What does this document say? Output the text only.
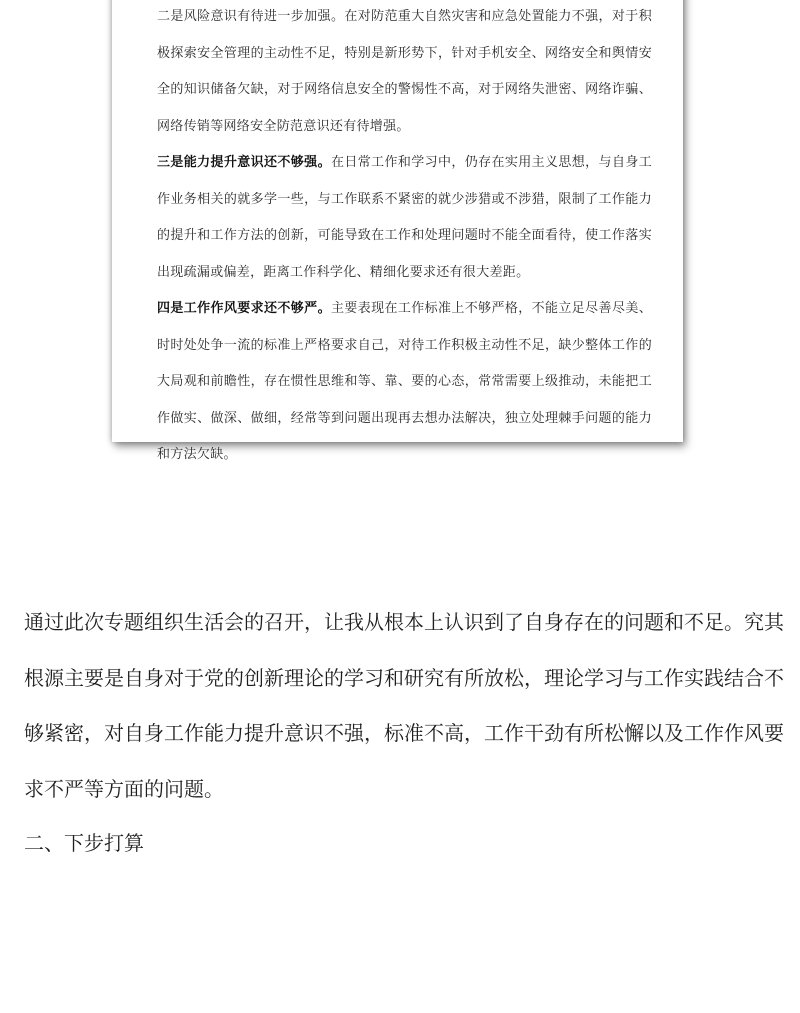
二是风险意识有待进一步加强。在对防范重大自然灾害和应急处置能力不强，对于积极探索安全管理的主动性不足，特别是新形势下，针对手机安全、网络安全和舆情安全的知识储备欠缺，对于网络信息安全的警惕性不高，对于网络失泄密、网络诈骗、网络传销等网络安全防范意识还有待增强。

三是能力提升意识还不够强。在日常工作和学习中，仍存在实用主义思想，与自身工作业务相关的就多学一些，与工作联系不紧密的就少涉猎或不涉猎，限制了工作能力的提升和工作方法的创新，可能导致在工作和处理问题时不能全面看待，使工作落实出现疏漏或偏差，距离工作科学化、精细化要求还有很大差距。

四是工作作风要求还不够严。主要表现在工作标准上不够严格，不能立足尽善尽美、时时处处争一流的标准上严格要求自己，对待工作积极主动性不足，缺少整体工作的大局观和前瞻性，存在惯性思维和等、靠、要的心态，常常需要上级推动，未能把工作做实、做深、做细，经常等到问题出现再去想办法解决，独立处理棘手问题的能力和方法欠缺。

通过此次专题组织生活会的召开，让我从根本上认识到了自身存在的问题和不足。究其根源主要是自身对于党的创新理论的学习和研究有所放松，理论学习与工作实践结合不够紧密，对自身工作能力提升意识不强，标准不高，工作干劲有所松懈以及工作作风要求不严等方面的问题。

二、下步打算
